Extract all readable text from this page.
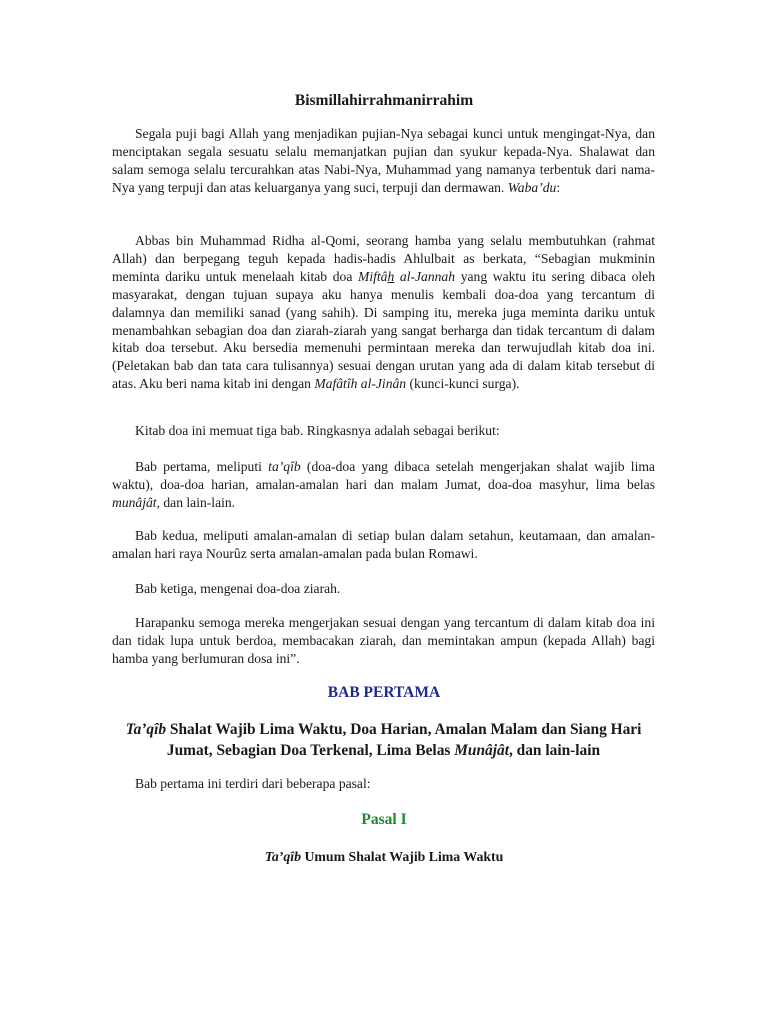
Bismillahirrahmanirrahim

Segala puji bagi Allah yang menjadikan pujian-Nya sebagai kunci untuk mengingat-Nya, dan menciptakan segala sesuatu selalu memanjatkan pujian dan syukur kepada-Nya. Shalawat dan salam semoga selalu tercurahkan atas Nabi-Nya, Muhammad yang namanya terbentuk dari nama-Nya yang terpuji dan atas keluarganya yang suci, terpuji dan dermawan. Waba’du:

Abbas bin Muhammad Ridha al-Qomi, seorang hamba yang selalu membutuhkan (rahmat Allah) dan berpegang teguh kepada hadis-hadis Ahlulbait as berkata, “Sebagian mukminin meminta dariku untuk menelaah kitab doa Miftâh al-Jannah yang waktu itu sering dibaca oleh masyarakat, dengan tujuan supaya aku hanya menulis kembali doa-doa yang tercantum di dalamnya dan memiliki sanad (yang sahih). Di samping itu, mereka juga meminta dariku untuk menambahkan sebagian doa dan ziarah-ziarah yang sangat berharga dan tidak tercantum di dalam kitab doa tersebut. Aku bersedia memenuhi permintaan mereka dan terwujudlah kitab doa ini. (Peletakan bab dan tata cara tulisannya) sesuai dengan urutan yang ada di dalam kitab tersebut di atas. Aku beri nama kitab ini dengan Mafâtîh al-Jinân (kunci-kunci surga).

Kitab doa ini memuat tiga bab. Ringkasnya adalah sebagai berikut:

Bab pertama, meliputi ta’qîb (doa-doa yang dibaca setelah mengerjakan shalat wajib lima waktu), doa-doa harian, amalan-amalan hari dan malam Jumat, doa-doa masyhur, lima belas munâjât, dan lain-lain.

Bab kedua, meliputi amalan-amalan di setiap bulan dalam setahun, keutamaan, dan amalan-amalan hari raya Nourûz serta amalan-amalan pada bulan Romawi.

Bab ketiga, mengenai doa-doa ziarah.

Harapanku semoga mereka mengerjakan sesuai dengan yang tercantum di dalam kitab doa ini dan tidak lupa untuk berdoa, membacakan ziarah, dan memintakan ampun (kepada Allah) bagi hamba yang berlumuran dosa ini”.

BAB PERTAMA
Ta’qîb Shalat Wajib Lima Waktu, Doa Harian, Amalan Malam dan Siang Hari Jumat, Sebagian Doa Terkenal, Lima Belas Munâjât, dan lain-lain

Bab pertama ini terdiri dari beberapa pasal:

Pasal I
Ta’qîb Umum Shalat Wajib Lima Waktu
